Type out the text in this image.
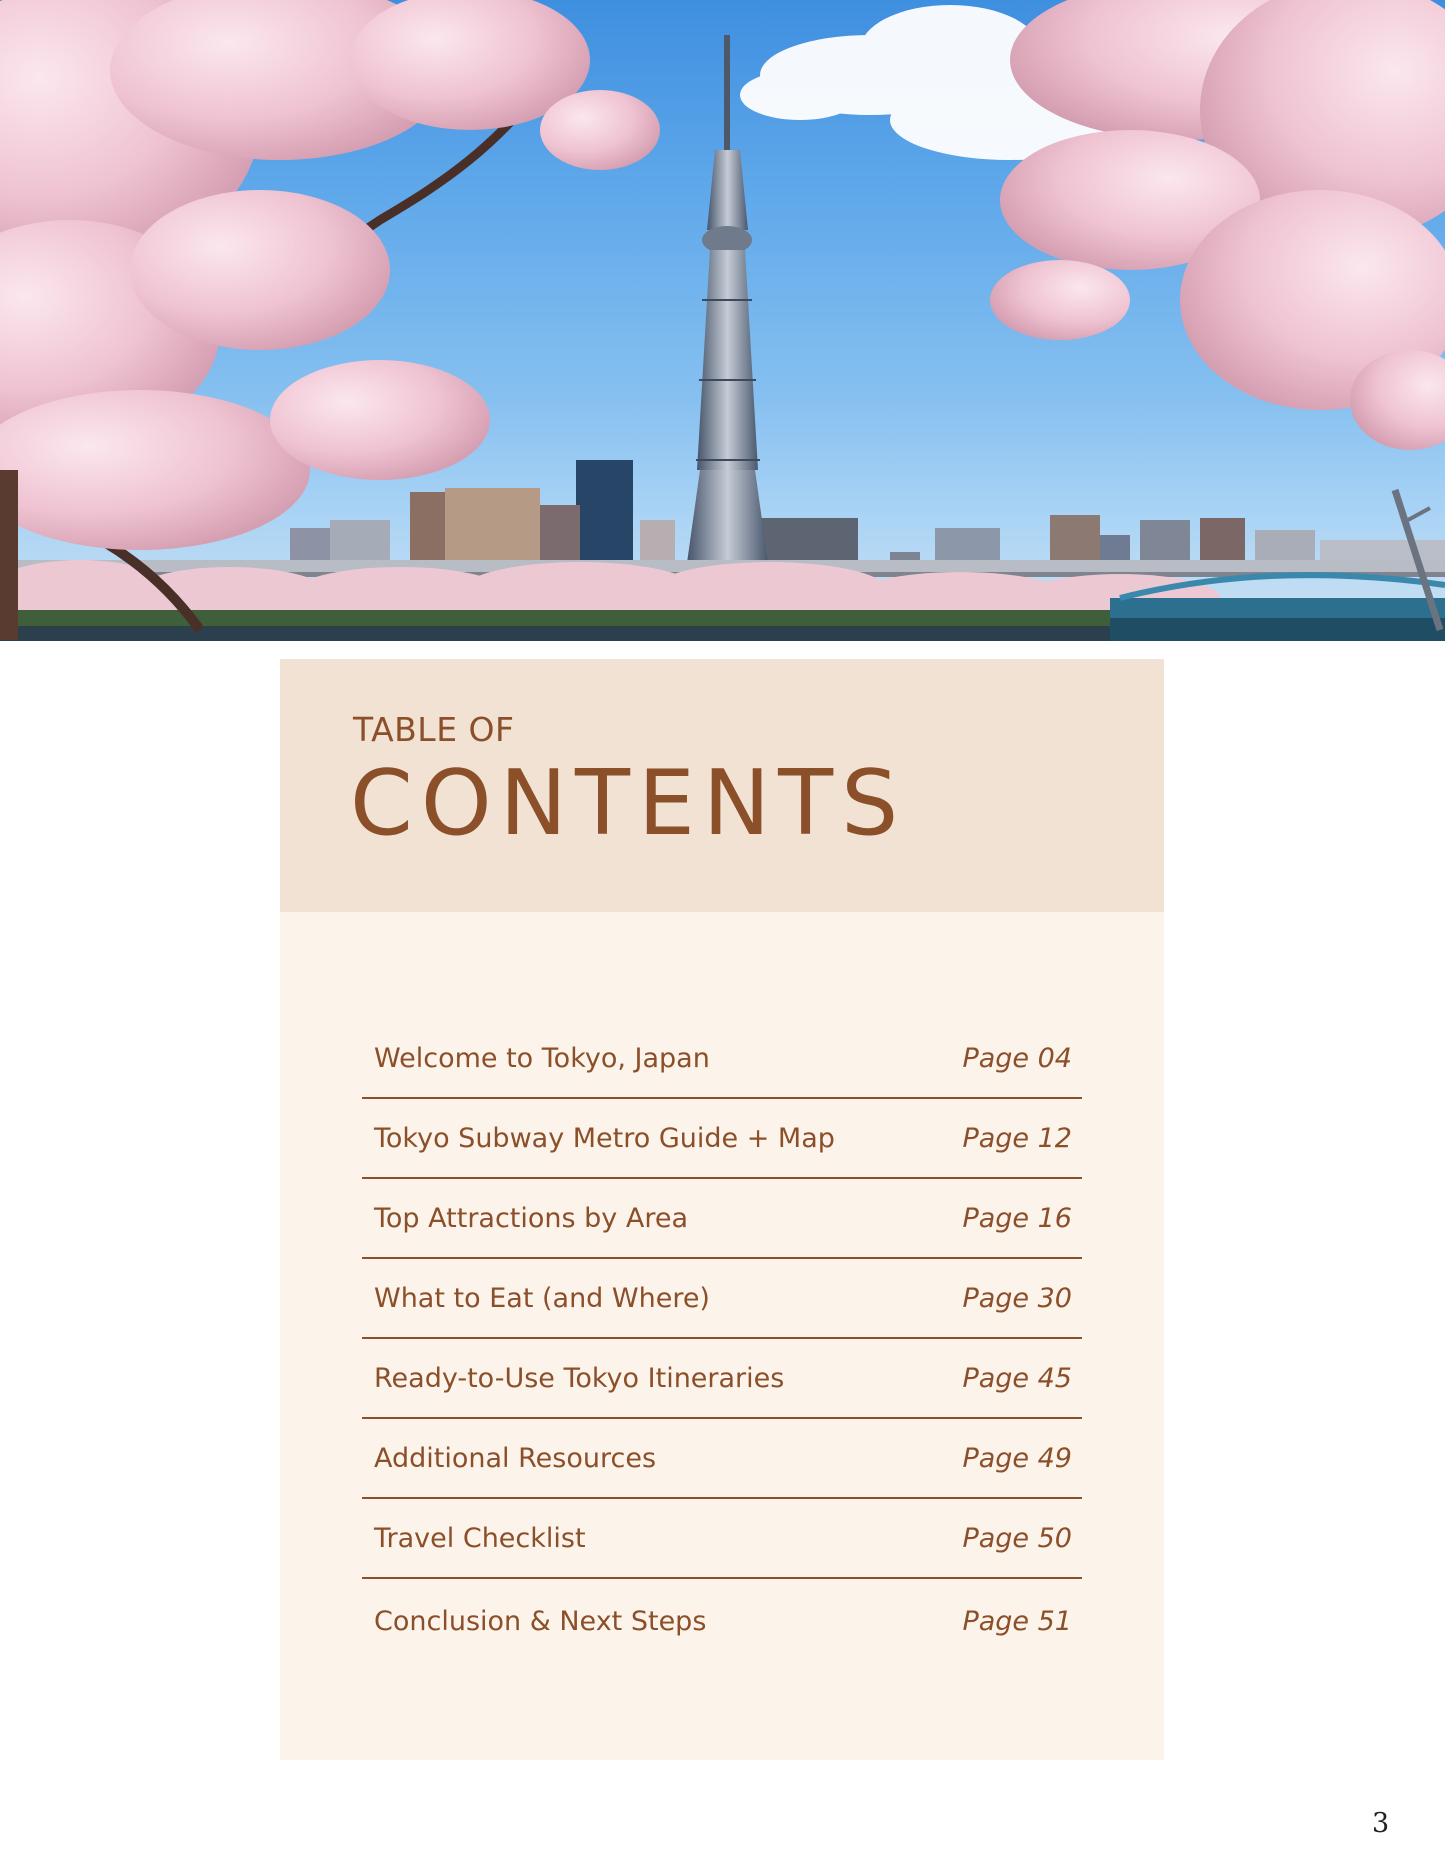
TABLE OF
CONTENTS
Welcome to Tokyo, Japan	Page 04
Tokyo Subway Metro Guide + Map	Page 12
Top Attractions by Area	Page 16
What to Eat (and Where)	Page 30
Ready-to-Use Tokyo Itineraries	Page 45
Additional Resources	Page 49
Travel Checklist	Page 50
Conclusion & Next Steps	Page 51
3
